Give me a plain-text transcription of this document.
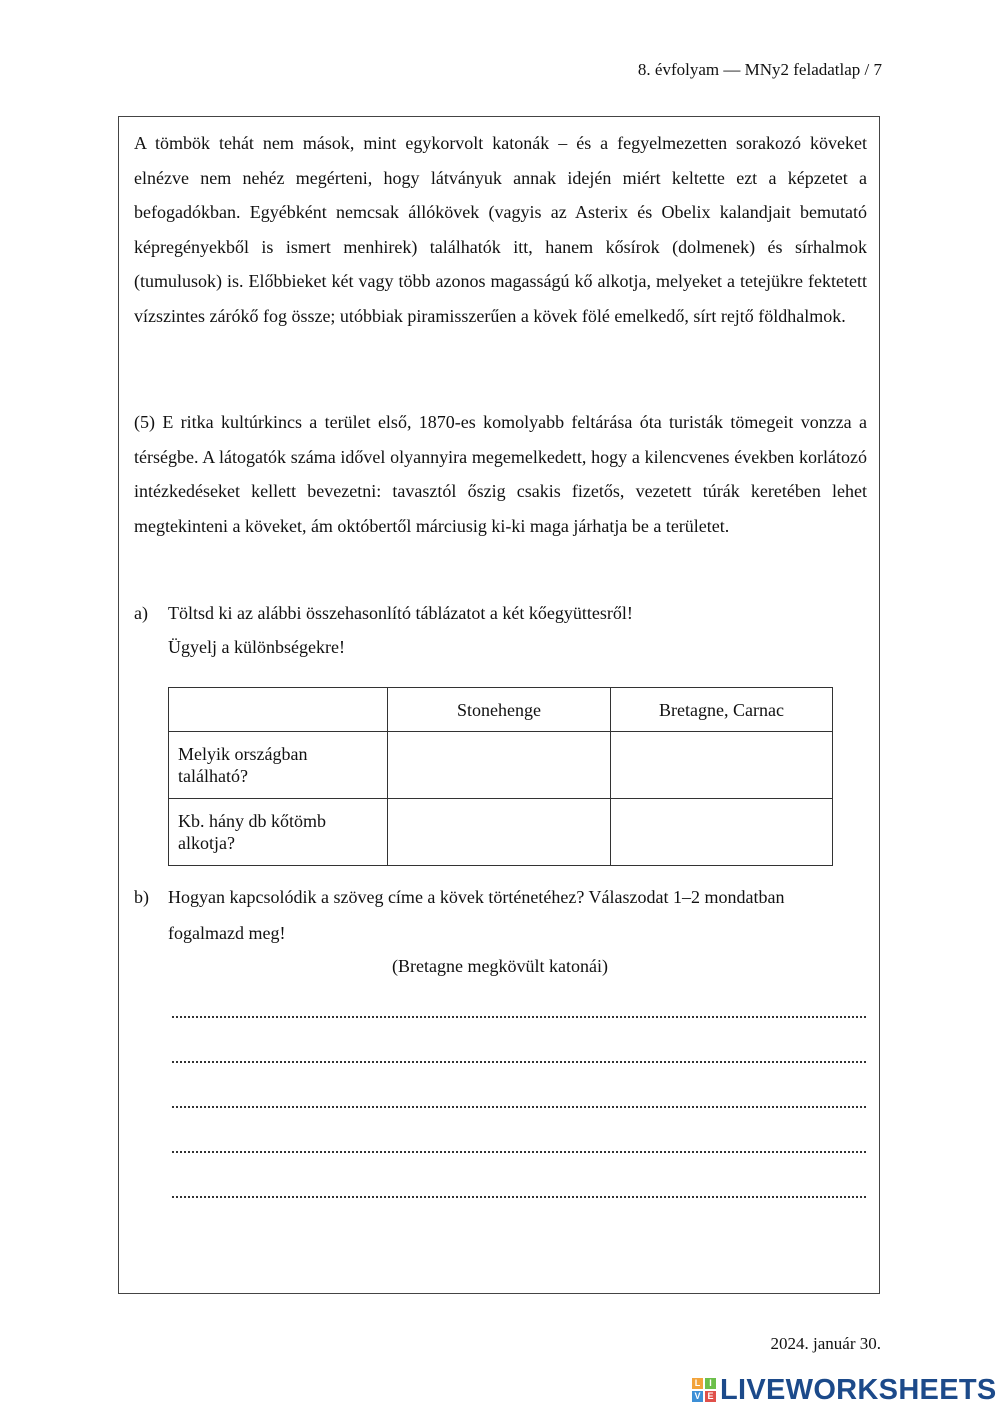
8. évfolyam — MNy2 feladatlap / 7
A tömbök tehát nem mások, mint egykorvolt katonák – és a fegyelmezetten sorakozó köveket elnézve nem nehéz megérteni, hogy látványuk annak idején miért keltette ezt a képzetet a befogadókban. Egyébként nemcsak állókövek (vagyis az Asterix és Obelix kalandjait bemutató képregényekből is ismert menhirek) találhatók itt, hanem kősírok (dolmenek) és sírhalmok (tumulusok) is. Előbbieket két vagy több azonos magasságú kő alkotja, melyeket a tetejükre fektetett vízszintes zárókő fog össze; utóbbiak piramisszerűen a kövek fölé emelkedő, sírt rejtő földhalmok.
(5) E ritka kultúrkincs a terület első, 1870-es komolyabb feltárása óta turisták tömegeit vonzza a térségbe. A látogatók száma idővel olyannyira megemelkedett, hogy a kilencvenes években korlátozó intézkedéseket kellett bevezetni: tavasztól őszig csakis fizetős, vezetett túrák keretében lehet megtekinteni a köveket, ám októbertől márciusig ki-ki maga járhatja be a területet.
a) Töltsd ki az alábbi összehasonlító táblázatot a két kőegyüttesről!
Ügyelj a különbségekre!
	Stonehenge	Bretagne, Carnac
Melyik országban található?		
Kb. hány db kőtömb alkotja?		
b) Hogyan kapcsolódik a szöveg címe a kövek történetéhez? Válaszodat 1–2 mondatban
fogalmazd meg!
(Bretagne megkövült katonái)
2024. január 30.
L I
V E LIVEWORKSHEETS
